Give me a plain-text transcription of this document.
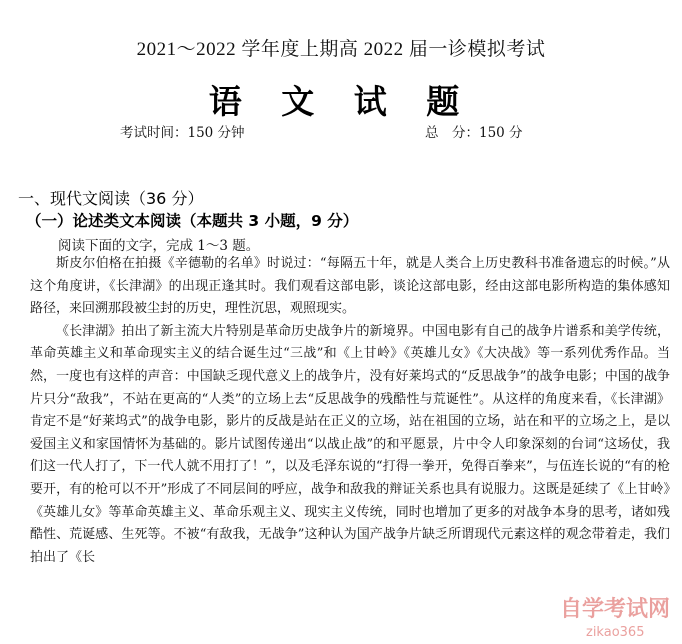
2021～2022 学年度上期高 2022 届一诊模拟考试
语 文 试 题
考试时间：150 分钟	总　分：150 分
一、现代文阅读（36 分）
（一）论述类文本阅读（本题共 3 小题，9 分）
阅读下面的文字，完成 1～3 题。

斯皮尔伯格在拍摄《辛德勒的名单》时说过：“每隔五十年，就是人类合上历史教科书准备遗忘的时候。”从这个角度讲，《长津湖》的出现正逢其时。我们观看这部电影，谈论这部电影，经由这部电影所构造的集体感知路径，来回溯那段被尘封的历史，理性沉思，观照现实。

《长津湖》拍出了新主流大片特别是革命历史战争片的新境界。中国电影有自己的战争片谱系和美学传统，革命英雄主义和革命现实主义的结合诞生过“三战”和《上甘岭》《英雄儿女》《大决战》等一系列优秀作品。当然，一度也有这样的声音：中国缺乏现代意义上的战争片，没有好莱坞式的“反思战争”的战争电影；中国的战争片只分“敌我”，不站在更高的“人类”的立场上去“反思战争的残酷性与荒诞性”。从这样的角度来看，《长津湖》肯定不是“好莱坞式”的战争电影，影片的反战是站在正义的立场，站在祖国的立场，站在和平的立场之上，是以爱国主义和家国情怀为基础的。影片试图传递出“以战止战”的和平愿景，片中令人印象深刻的台词“这场仗，我们这一代人打了，下一代人就不用打了！”，以及毛泽东说的“打得一拳开，免得百拳来”，与伍连长说的“有的枪要开，有的枪可以不开”形成了不同层间的呼应，战争和敌我的辩证关系也具有说服力。这既是延续了《上甘岭》《英雄儿女》等革命英雄主义、革命乐观主义、现实主义传统，同时也增加了更多的对战争本身的思考，诸如残酷性、荒诞感、生死等。不被“有敌我，无战争”这种认为国产战争片缺乏所谓现代元素这样的观念带着走，我们拍出了《长

自学考试网
zikao365
